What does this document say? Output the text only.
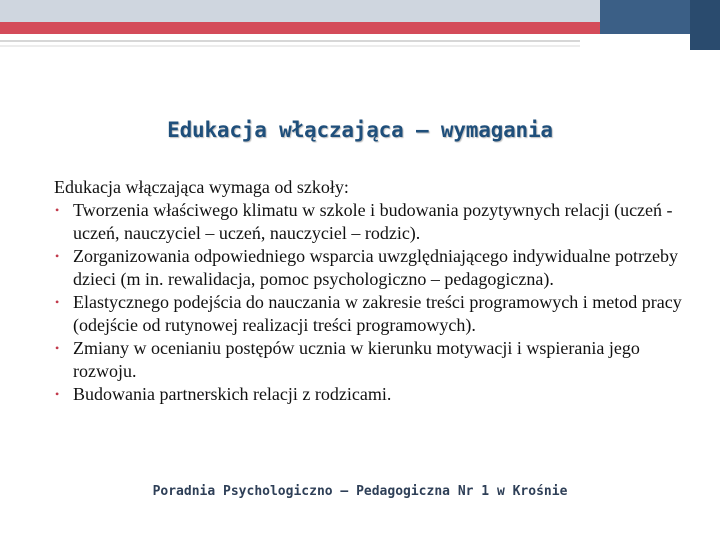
Edukacja włączająca – wymagania

Edukacja włączająca wymaga od szkoły:

• Tworzenia właściwego klimatu w szkole i budowania pozytywnych relacji (uczeń - uczeń, nauczyciel – uczeń, nauczyciel – rodzic).
• Zorganizowania odpowiedniego wsparcia uwzględniającego indywidualne potrzeby dzieci (m in. rewalidacja, pomoc psychologiczno – pedagogiczna).
• Elastycznego podejścia do nauczania w zakresie treści programowych i metod pracy (odejście od rutynowej realizacji treści programowych).
• Zmiany w ocenianiu postępów ucznia w kierunku motywacji i wspierania jego rozwoju.
• Budowania partnerskich relacji z rodzicami.
Poradnia Psychologiczno – Pedagogiczna Nr 1 w Krośnie
